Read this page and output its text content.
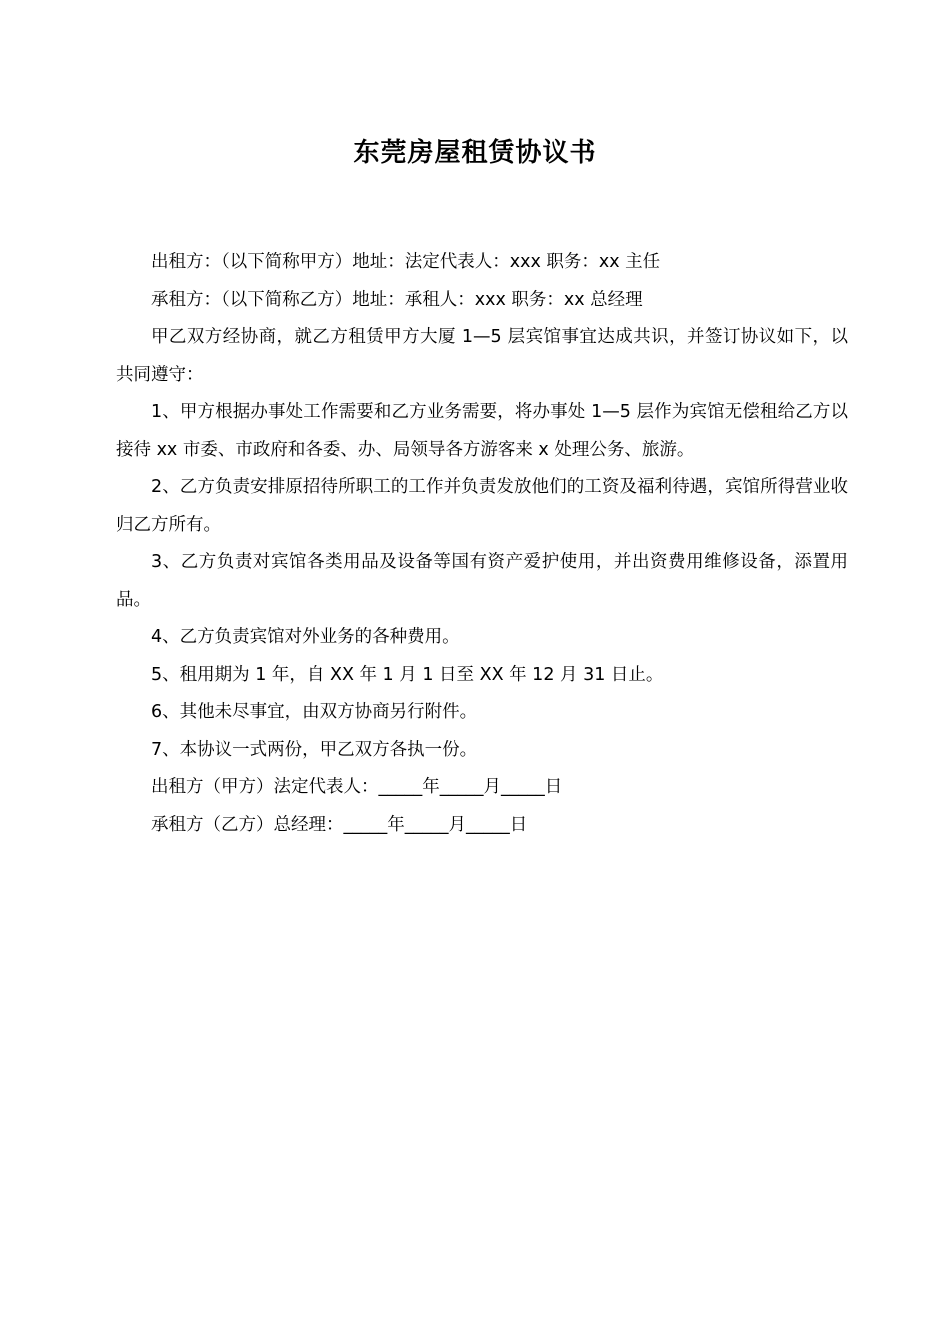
东莞房屋租赁协议书

出租方：（以下简称甲方）地址：法定代表人：xxx 职务：xx 主任

承租方：（以下简称乙方）地址：承租人：xxx 职务：xx 总经理

甲乙双方经协商，就乙方租赁甲方大厦 1—5 层宾馆事宜达成共识，并签订协议如下，以共同遵守：

1、甲方根据办事处工作需要和乙方业务需要，将办事处 1—5 层作为宾馆无偿租给乙方以接待 xx 市委、市政府和各委、办、局领导各方游客来 x 处理公务、旅游。

2、乙方负责安排原招待所职工的工作并负责发放他们的工资及福利待遇，宾馆所得营业收归乙方所有。

3、乙方负责对宾馆各类用品及设备等国有资产爱护使用，并出资费用维修设备，添置用品。

4、乙方负责宾馆对外业务的各种费用。

5、租用期为 1 年，自 XX 年 1 月 1 日至 XX 年 12 月 31 日止。

6、其他未尽事宜，由双方协商另行附件。

7、本协议一式两份，甲乙双方各执一份。

出租方（甲方）法定代表人：_____年_____月_____日

承租方（乙方）总经理：_____年_____月_____日
